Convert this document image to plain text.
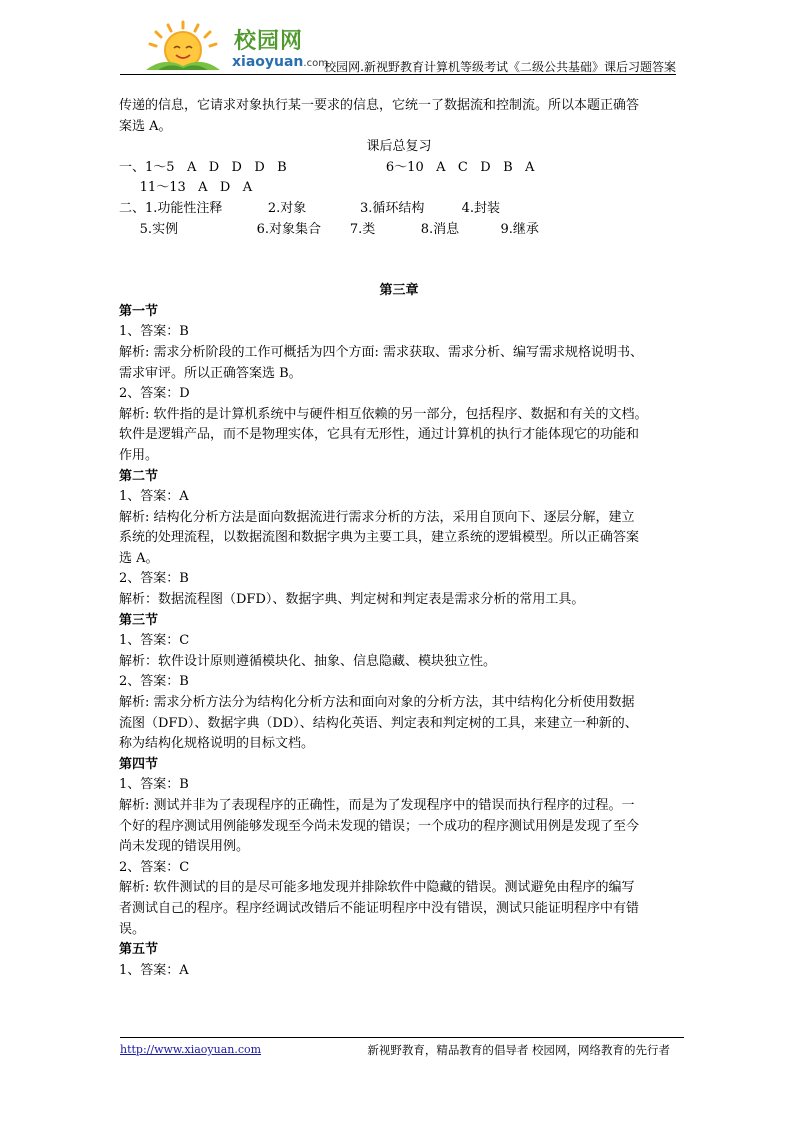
校园网
xiaoyuan.com
校园网.新视野教育计算机等级考试《二级公共基础》课后习题答案

传递的信息，它请求对象执行某一要求的信息，它统一了数据流和控制流。所以本题正确答

案选 A。

课后总复习

一、1～5   A   D   D   D   B                        6～10   A   C   D   B   A

11～13   A   D   A

二、1.功能性注释           2.对象             3.循环结构         4.封装

5.实例                   6.对象集合       7.类           8.消息          9.继承

第三章

第一节

1、答案：B

解析: 需求分析阶段的工作可概括为四个方面: 需求获取、需求分析、编写需求规格说明书、

需求审评。所以正确答案选 B。

2、答案：D

解析: 软件指的是计算机系统中与硬件相互依赖的另一部分，包括程序、数据和有关的文档。

软件是逻辑产品，而不是物理实体，它具有无形性，通过计算机的执行才能体现它的功能和

作用。

第二节

1、答案：A

解析: 结构化分析方法是面向数据流进行需求分析的方法，采用自顶向下、逐层分解，建立

系统的处理流程，以数据流图和数据字典为主要工具，建立系统的逻辑模型。所以正确答案

选 A。

2、答案：B

解析：数据流程图（DFD）、数据字典、判定树和判定表是需求分析的常用工具。

第三节

1、答案：C

解析：软件设计原则遵循模块化、抽象、信息隐藏、模块独立性。

2、答案：B

解析: 需求分析方法分为结构化分析方法和面向对象的分析方法，其中结构化分析使用数据

流图（DFD）、数据字典（DD）、结构化英语、判定表和判定树的工具，来建立一种新的、

称为结构化规格说明的目标文档。

第四节

1、答案：B

解析: 测试并非为了表现程序的正确性，而是为了发现程序中的错误而执行程序的过程。一

个好的程序测试用例能够发现至今尚未发现的错误；一个成功的程序测试用例是发现了至今

尚未发现的错误用例。

2、答案：C

解析: 软件测试的目的是尽可能多地发现并排除软件中隐藏的错误。测试避免由程序的编写

者测试自己的程序。程序经调试改错后不能证明程序中没有错误，测试只能证明程序中有错

误。

第五节

1、答案：A

http://www.xiaoyuan.com	新视野教育，精品教育的倡导者 校园网，网络教育的先行者
